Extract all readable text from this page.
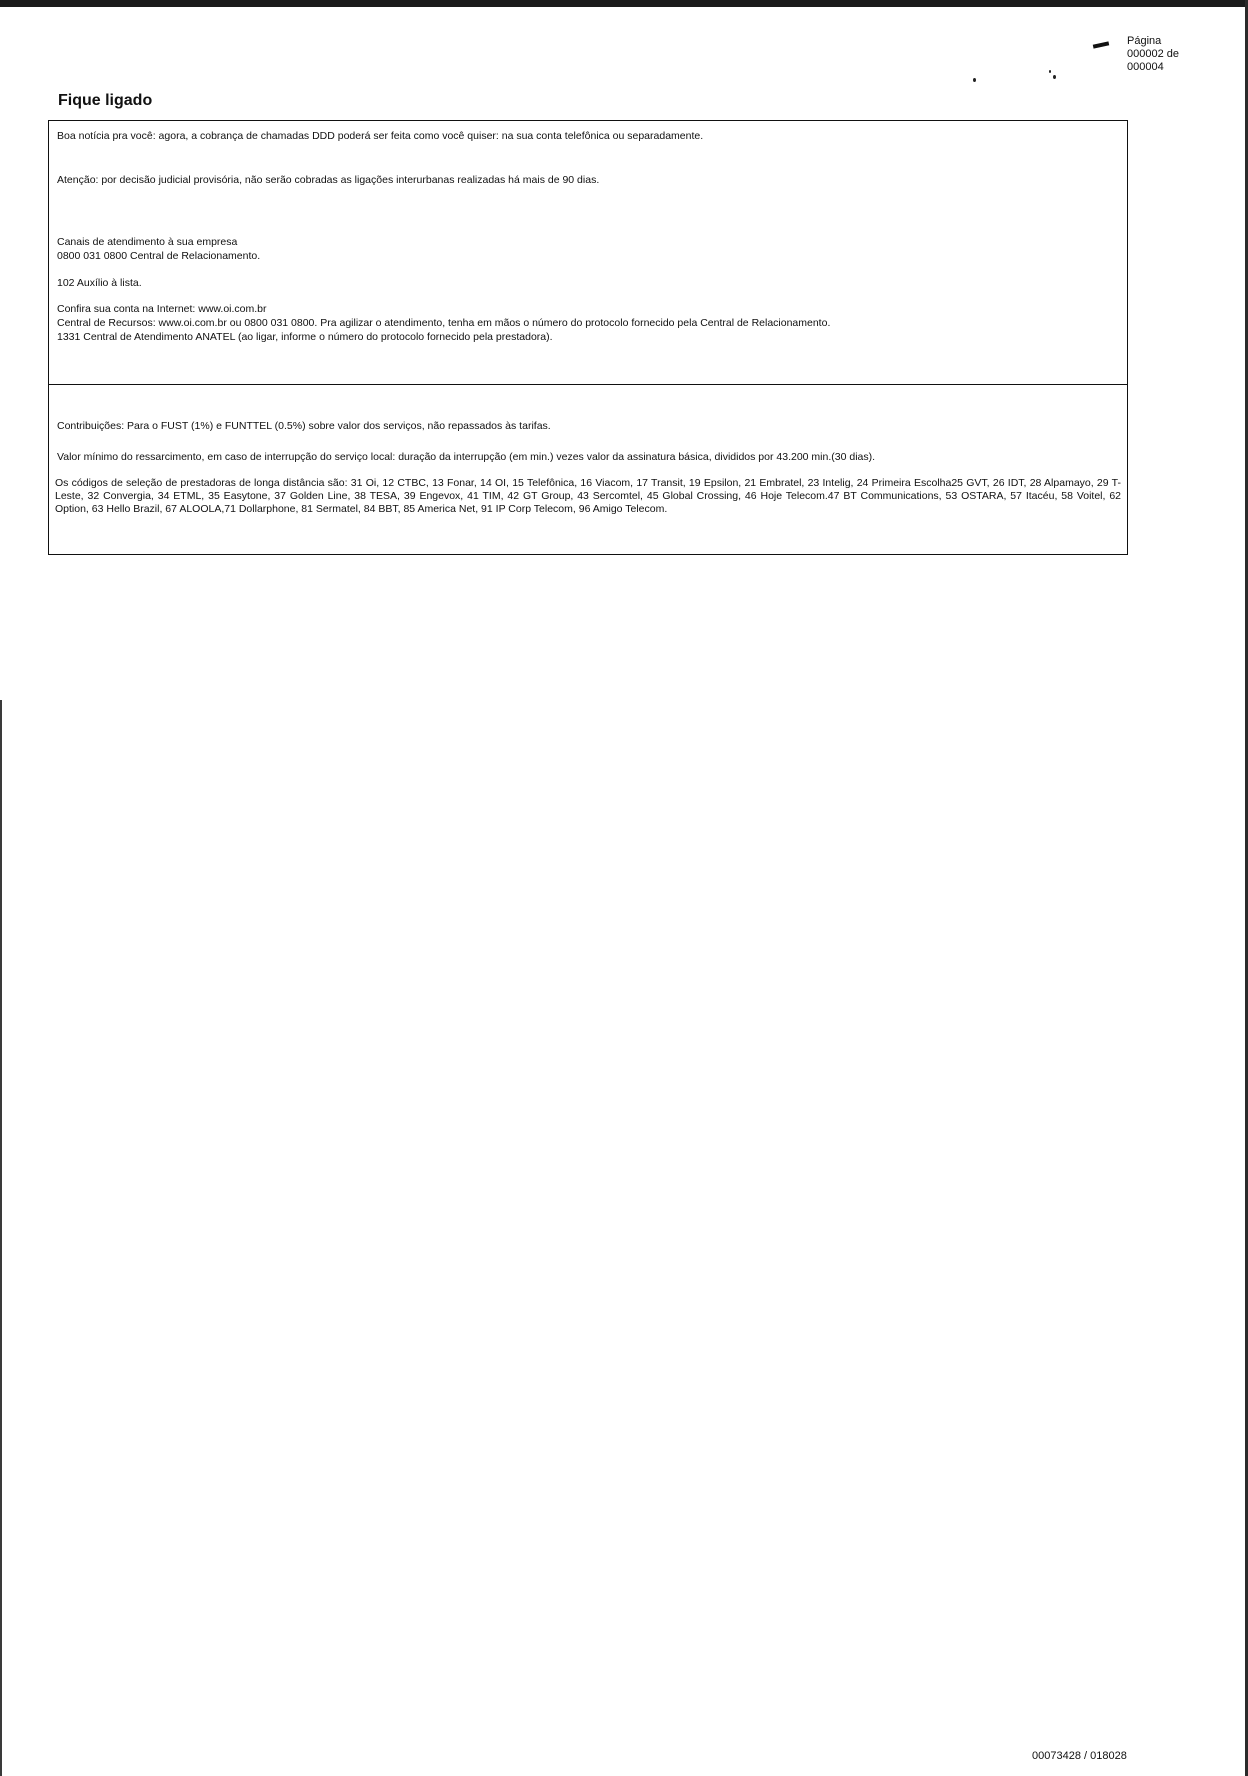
Página
000002 de
000004
Fique ligado
Boa notícia pra você: agora, a cobrança de chamadas DDD poderá ser feita como você quiser: na sua conta telefônica ou separadamente.
Atenção: por decisão judicial provisória, não serão cobradas as ligações interurbanas realizadas há mais de 90 dias.
Canais de atendimento à sua empresa
0800 031 0800 Central de Relacionamento.
102 Auxílio à lista.
Confira sua conta na Internet: www.oi.com.br
Central de Recursos: www.oi.com.br ou 0800 031 0800. Pra agilizar o atendimento, tenha em mãos o número do protocolo fornecido pela Central de Relacionamento.
1331 Central de Atendimento ANATEL (ao ligar, informe o número do protocolo fornecido pela prestadora).
Contribuições: Para o FUST (1%) e FUNTTEL (0.5%) sobre valor dos serviços, não repassados às tarifas.
Valor mínimo do ressarcimento, em caso de interrupção do serviço local: duração da interrupção (em min.) vezes valor da assinatura básica, divididos por 43.200 min.(30 dias).
Os códigos de seleção de prestadoras de longa distância são: 31 Oi, 12 CTBC, 13 Fonar, 14 OI, 15 Telefônica, 16 Viacom, 17 Transit, 19 Epsilon, 21 Embratel, 23 Intelig, 24 Primeira Escolha25 GVT, 26 IDT, 28 Alpamayo, 29 T-Leste, 32 Convergia, 34 ETML, 35 Easytone, 37 Golden Line, 38 TESA, 39 Engevox, 41 TIM, 42 GT Group, 43 Sercomtel, 45 Global Crossing, 46 Hoje Telecom.47 BT Communications, 53 OSTARA, 57 Itacéu, 58 Voitel, 62 Option, 63 Hello Brazil, 67 ALOOLA,71 Dollarphone, 81 Sermatel, 84 BBT, 85 America Net, 91 IP Corp Telecom, 96 Amigo Telecom.
00073428 / 018028
